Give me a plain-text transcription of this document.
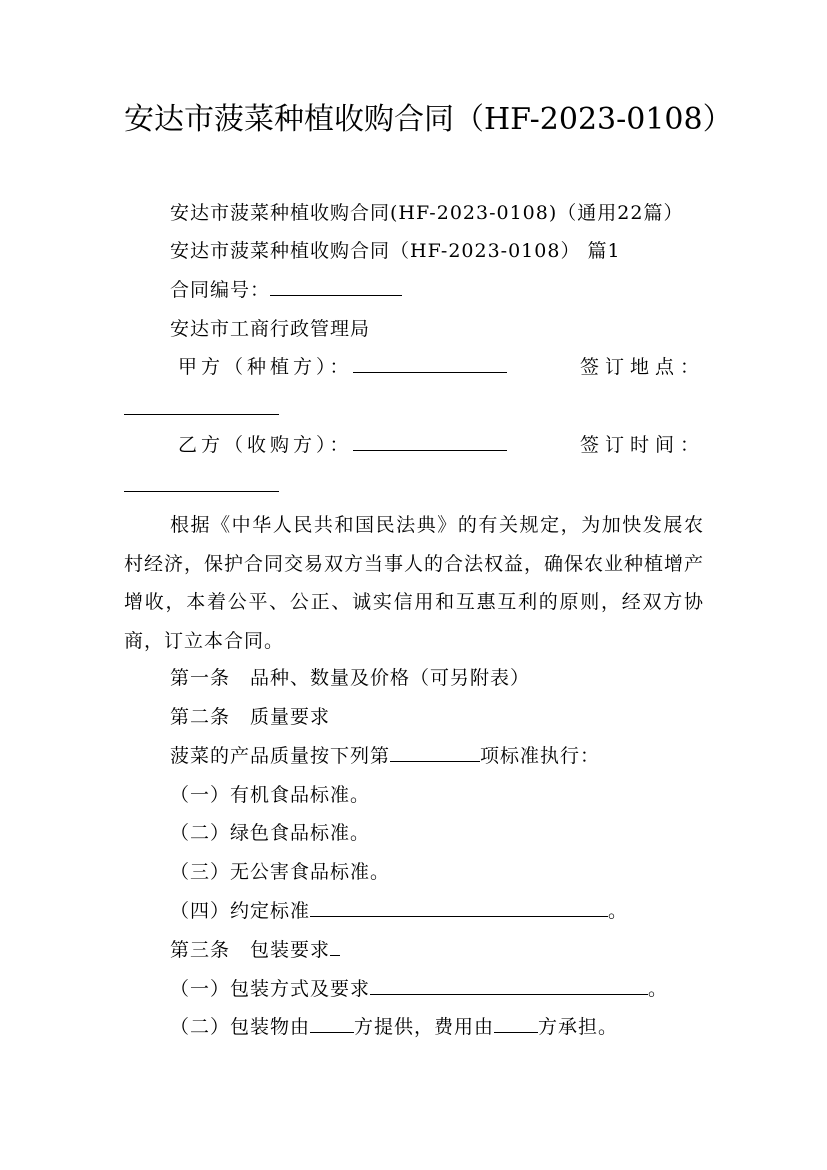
安达市菠菜种植收购合同（HF-2023-0108）
安达市菠菜种植收购合同(HF-2023-0108)（通用22篇）
安达市菠菜种植收购合同（HF-2023-0108） 篇1
合同编号：
安达市工商行政管理局
甲方（种植方）：	签订地点：
乙方（收购方）：	签订时间：
根据《中华人民共和国民法典》的有关规定，为加快发展农村经济，保护合同交易双方当事人的合法权益，确保农业种植增产增收，本着公平、公正、诚实信用和互惠互利的原则，经双方协商，订立本合同。
第一条　品种、数量及价格（可另附表）
第二条　质量要求
菠菜的产品质量按下列第	项标准执行：
（一）有机食品标准。
（二）绿色食品标准。
（三）无公害食品标准。
（四）约定标准	。
第三条　包装要求
（一）包装方式及要求	。
（二）包装物由 方提供，费用由 方承担。
